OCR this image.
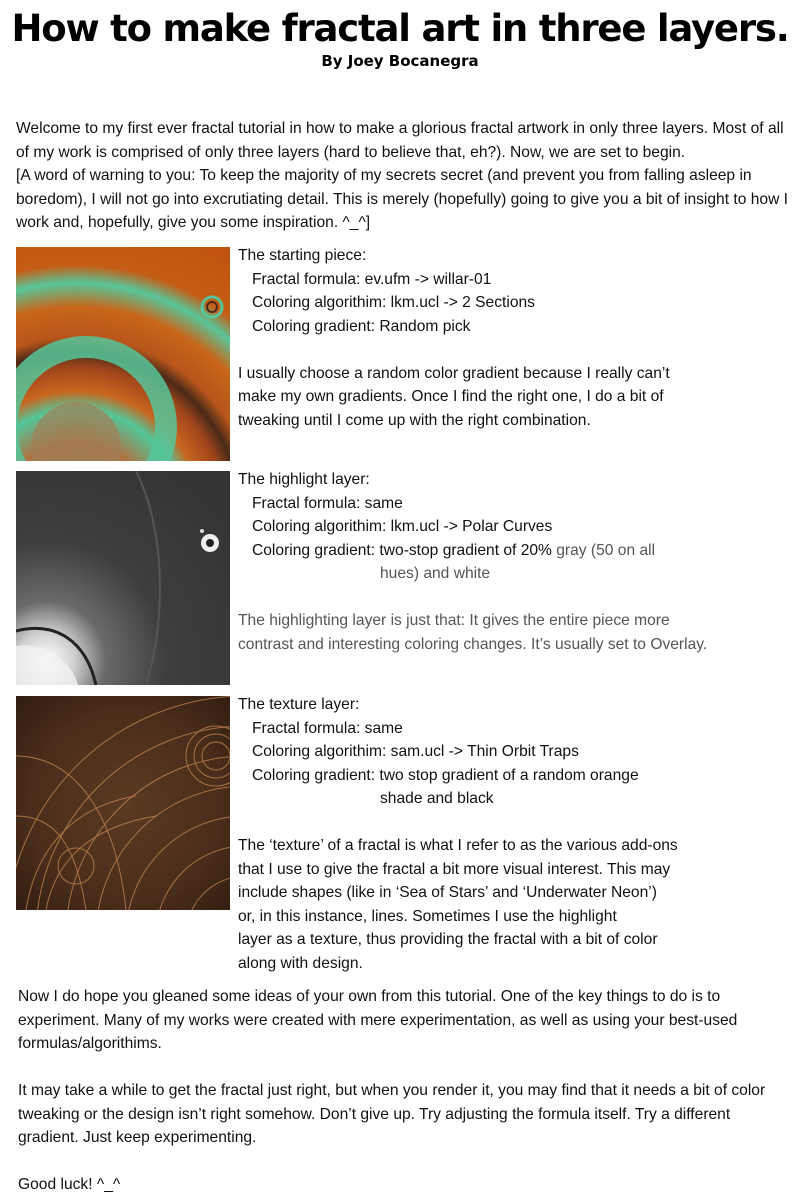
How to make fractal art in three layers.
By Joey Bocanegra

Welcome to my first ever fractal tutorial in how to make a glorious fractal artwork in only three layers. Most of all of my work is comprised of only three layers (hard to believe that, eh?). Now, we are set to begin.

[A word of warning to you: To keep the majority of my secrets secret (and prevent you from falling asleep in boredom), I will not go into excrutiating detail. This is merely (hopefully) going to give you a bit of insight to how I work and, hopefully, give you some inspiration. ^_^]

The starting piece:
Fractal formula: ev.ufm -> willar-01
Coloring algorithim: lkm.ucl -> 2 Sections
Coloring gradient: Random pick
I usually choose a random color gradient because I really can’t
make my own gradients. Once I find the right one, I do a bit of
tweaking until I come up with the right combination.
The highlight layer:
Fractal formula: same
Coloring algorithim: lkm.ucl -> Polar Curves
Coloring gradient: two-stop gradient of 20% gray (50 on all
hues) and white
The highlighting layer is just that: It gives the entire piece more
contrast and interesting coloring changes. It’s usually set to Overlay.
The texture layer:
Fractal formula: same
Coloring algorithim: sam.ucl -> Thin Orbit Traps
Coloring gradient: two stop gradient of a random orange
shade and black
The ‘texture’ of a fractal is what I refer to as the various add-ons
that I use to give the fractal a bit more visual interest. This may
include shapes (like in ‘Sea of Stars’ and ‘Underwater Neon’)
or, in this instance, lines. Sometimes I use the highlight
layer as a texture, thus providing the fractal with a bit of color
along with design.

Now I do hope you gleaned some ideas of your own from this tutorial. One of the key things to do is to experiment. Many of my works were created with mere experimentation, as well as using your best-used formulas/algorithims.

It may take a while to get the fractal just right, but when you render it, you may find that it needs a bit of color tweaking or the design isn’t right somehow. Don’t give up. Try adjusting the formula itself. Try a different gradient. Just keep experimenting.

Good luck! ^_^
